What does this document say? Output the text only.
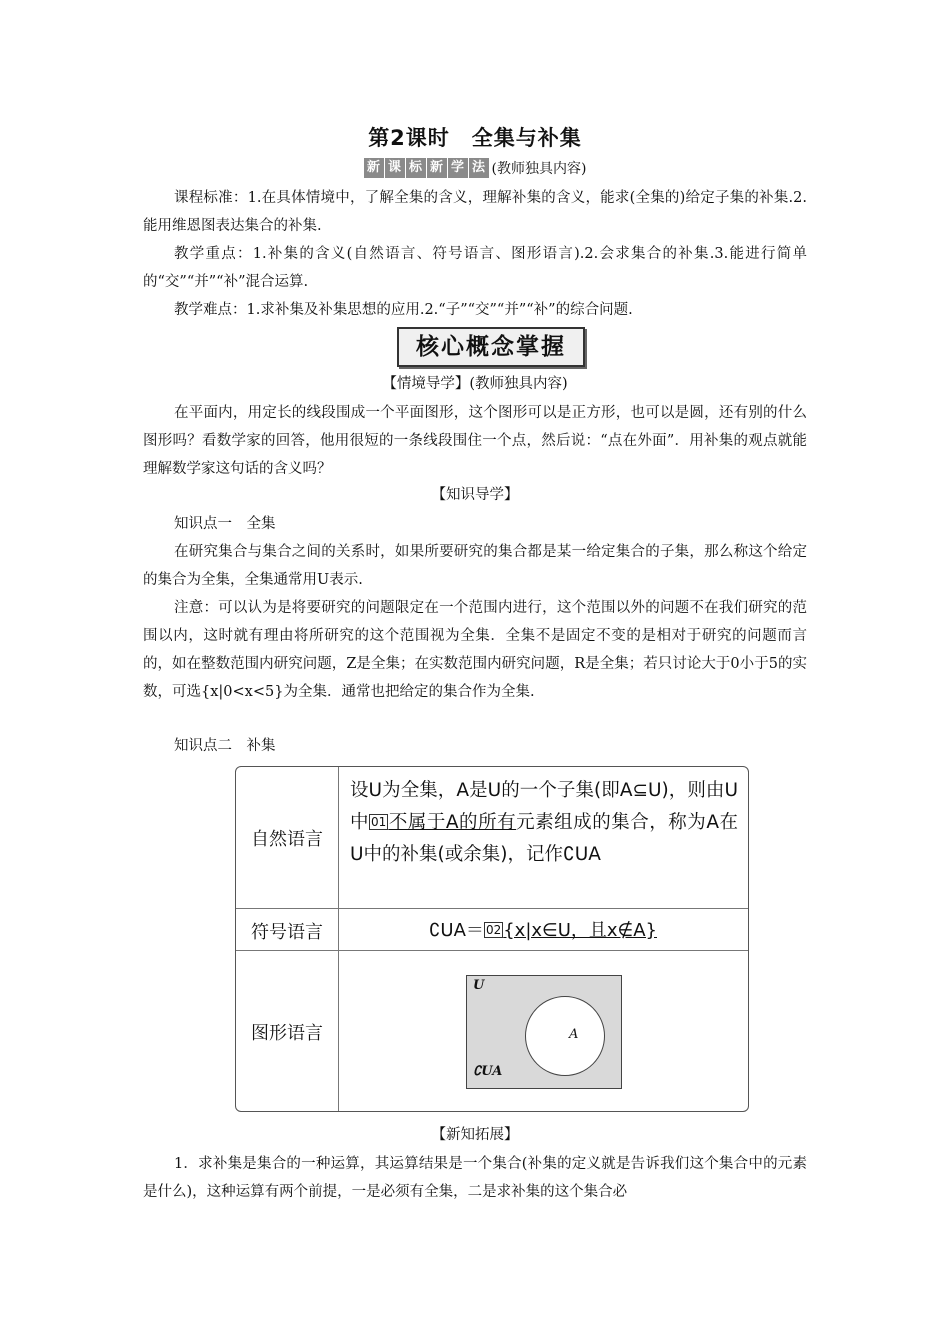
第2课时　全集与补集
新 课 标 新 学 法 (教师独具内容)
课程标准：1.在具体情境中，了解全集的含义，理解补集的含义，能求(全集的)给定子集的补集.2.能用维恩图表达集合的补集.
教学重点：1.补集的含义(自然语言、符号语言、图形语言).2.会求集合的补集.3.能进行简单的“交”“并”“补”混合运算.
教学难点：1.求补集及补集思想的应用.2.“子”“交”“并”“补”的综合问题.
核心概念掌握
【情境导学】(教师独具内容)
在平面内，用定长的线段围成一个平面图形，这个图形可以是正方形，也可以是圆，还有别的什么图形吗？看数学家的回答，他用很短的一条线段围住一个点，然后说：“点在外面”．用补集的观点就能理解数学家这句话的含义吗？
【知识导学】
知识点一　全集
在研究集合与集合之间的关系时，如果所要研究的集合都是某一给定集合的子集，那么称这个给定的集合为全集，全集通常用U表示.
注意：可以认为是将要研究的问题限定在一个范围内进行，这个范围以外的问题不在我们研究的范围以内，这时就有理由将所研究的这个范围视为全集．全集不是固定不变的是相对于研究的问题而言的，如在整数范围内研究问题，Z是全集；在实数范围内研究问题，R是全集；若只讨论大于0小于5的实数，可选{x|0<x<5}为全集．通常也把给定的集合作为全集.
知识点二　补集
自然语言
设U为全集，A是U的一个子集(即A⊆U)，则由U中 01 不属于A的所有元素组成的集合，称为A在U中的补集(或余集)，记作∁UA
符号语言	∁UA＝ 02 {x|x∈U，且x∉A}
图形语言
U
A
∁UA
【新知拓展】
1．求补集是集合的一种运算，其运算结果是一个集合(补集的定义就是告诉我们这个集合中的元素是什么)，这种运算有两个前提，一是必须有全集，二是求补集的这个集合必
